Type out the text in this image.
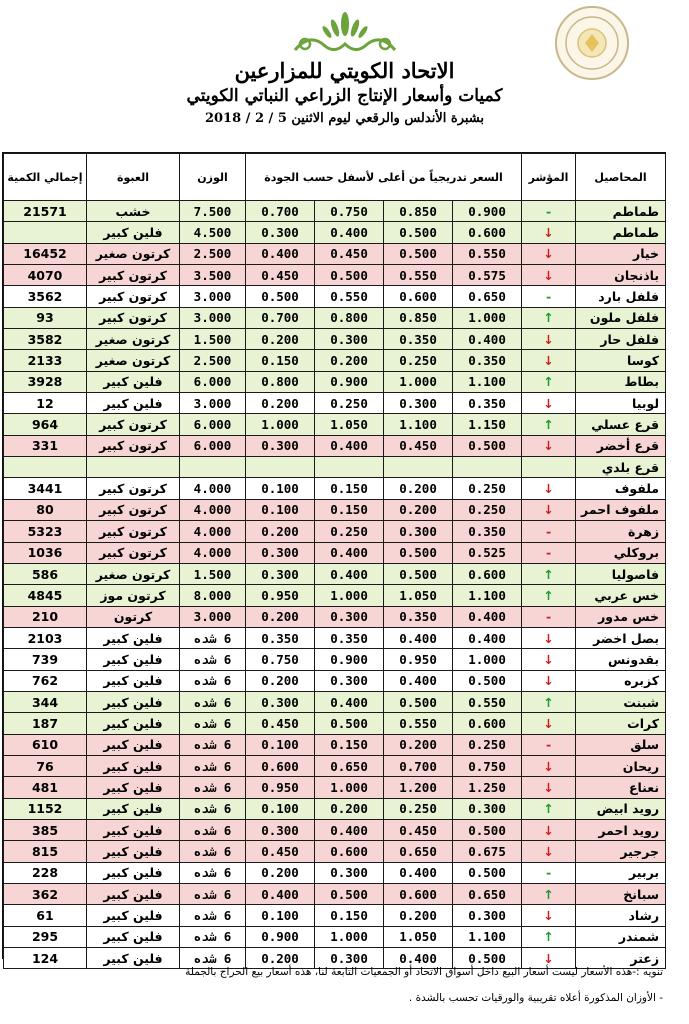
الاتحاد الكويتي للمزارعين
كميات وأسعار الإنتاج الزراعي النباتي الكويتي
بشبرة الأندلس والرقعي ليوم الاثنين 5 / 2 / 2018
المحاصيل	المؤشر	السعر تدريجياً من أعلى لأسفل حسب الجودة				الوزن	العبوة	إجمالي الكمية
طماطم	-	0.900	0.850	0.750	0.700	7.500	خشب	21571
طماطم	↓	0.600	0.500	0.400	0.300	4.500	فلين كبير	
خيار	↓	0.550	0.500	0.450	0.400	2.500	كرتون صغير	16452
باذنجان	↓	0.575	0.550	0.500	0.450	3.500	كرتون كبير	4070
فلفل بارد	-	0.650	0.600	0.550	0.500	3.000	كرتون كبير	3562
فلفل ملون	↑	1.000	0.850	0.800	0.700	3.000	كرتون كبير	93
فلفل حار	↓	0.400	0.350	0.300	0.200	1.500	كرتون صغير	3582
كوسا	↓	0.350	0.250	0.200	0.150	2.500	كرتون صغير	2133
بطاط	↑	1.100	1.000	0.900	0.800	6.000	فلين كبير	3928
لوبيا	↓	0.350	0.300	0.250	0.200	3.000	فلين كبير	12
قرع عسلي	↑	1.150	1.100	1.050	1.000	6.000	كرتون كبير	964
قرع أخضر	↓	0.500	0.450	0.400	0.300	6.000	كرتون كبير	331
قرع بلدي								
ملفوف	↓	0.250	0.200	0.150	0.100	4.000	كرتون كبير	3441
ملفوف احمر	↓	0.250	0.200	0.150	0.100	4.000	كرتون كبير	80
زهرة	-	0.350	0.300	0.250	0.200	4.000	كرتون كبير	5323
بروكلي	-	0.525	0.500	0.400	0.300	4.000	كرتون كبير	1036
فاصوليا	↑	0.600	0.500	0.400	0.300	1.500	كرتون صغير	586
خس عربي	↑	1.100	1.050	1.000	0.950	8.000	كرتون موز	4845
خس مدور	-	0.400	0.350	0.300	0.200	3.000	كرتون	210
بصل اخضر	↓	0.400	0.400	0.350	0.350	6 شده	فلين كبير	2103
بقدونس	↓	1.000	0.950	0.900	0.750	6 شده	فلين كبير	739
كزبره	↓	0.500	0.400	0.300	0.200	6 شده	فلين كبير	762
شبنت	↑	0.550	0.500	0.400	0.300	6 شده	فلين كبير	344
كرات	↓	0.600	0.550	0.500	0.450	6 شده	فلين كبير	187
سلق	-	0.250	0.200	0.150	0.100	6 شده	فلين كبير	610
ريحان	↓	0.750	0.700	0.650	0.600	6 شده	فلين كبير	76
نعناع	↓	1.250	1.200	1.000	0.950	6 شده	فلين كبير	481
رويد ابيض	↑	0.300	0.250	0.200	0.100	6 شده	فلين كبير	1152
رويد احمر	↓	0.500	0.450	0.400	0.300	6 شده	فلين كبير	385
جرجير	↓	0.675	0.650	0.600	0.450	6 شده	فلين كبير	815
بربير	-	0.500	0.400	0.300	0.200	6 شده	فلين كبير	228
سبانخ	↑	0.650	0.600	0.500	0.400	6 شده	فلين كبير	362
رشاد	↓	0.300	0.200	0.150	0.100	6 شده	فلين كبير	61
شمندر	↑	1.100	1.050	1.000	0.900	6 شده	فلين كبير	295
زعتر	↓	0.500	0.400	0.300	0.200	6 شده	فلين كبير	124
تنويه :-هذه الأسعار ليست أسعار البيع داخل أسواق الاتحاد أو الجمعيات التابعة لنا، هذه أسعار بيع الحراج بالجملة
- الأوزان المذكورة أعلاه تقريبية والورقيات تحسب بالشدة .
